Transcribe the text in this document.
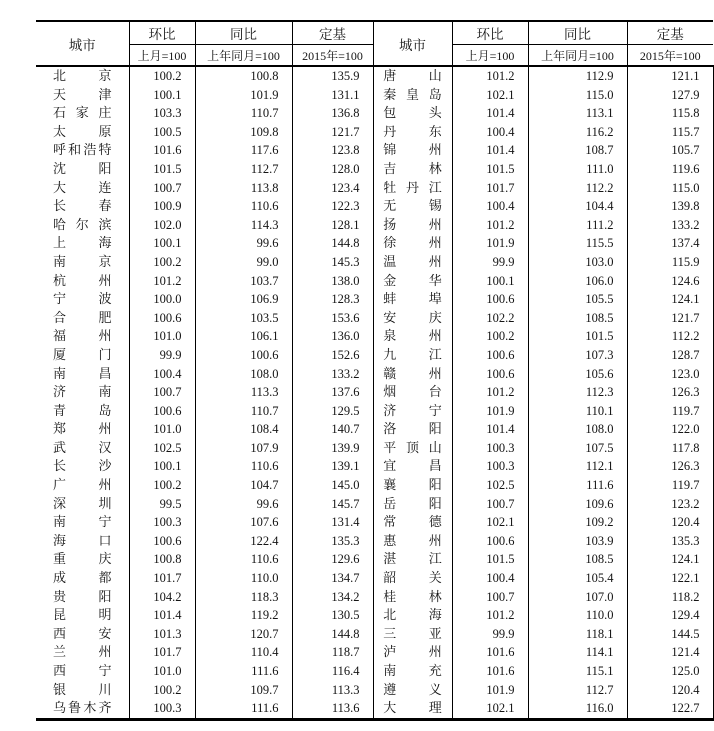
城市	环比	同比	定基	城市	环比	同比	定基
	上月=100	上年同月=100	2015年=100		上月=100	上年同月=100	2015年=100
北京	100.2	100.8	135.9	唐山	101.2	112.9	121.1
天津	100.1	101.9	131.1	秦皇岛	102.1	115.0	127.9
石家庄	103.3	110.7	136.8	包头	101.4	113.1	115.8
太原	100.5	109.8	121.7	丹东	100.4	116.2	115.7
呼和浩特	101.6	117.6	123.8	锦州	101.4	108.7	105.7
沈阳	101.5	112.7	128.0	吉林	101.5	111.0	119.6
大连	100.7	113.8	123.4	牡丹江	101.7	112.2	115.0
长春	100.9	110.6	122.3	无锡	100.4	104.4	139.8
哈尔滨	102.0	114.3	128.1	扬州	101.2	111.2	133.2
上海	100.1	99.6	144.8	徐州	101.9	115.5	137.4
南京	100.2	99.0	145.3	温州	99.9	103.0	115.9
杭州	101.2	103.7	138.0	金华	100.1	106.0	124.6
宁波	100.0	106.9	128.3	蚌埠	100.6	105.5	124.1
合肥	100.6	103.5	153.6	安庆	102.2	108.5	121.7
福州	101.0	106.1	136.0	泉州	100.2	101.5	112.2
厦门	99.9	100.6	152.6	九江	100.6	107.3	128.7
南昌	100.4	108.0	133.2	赣州	100.6	105.6	123.0
济南	100.7	113.3	137.6	烟台	101.2	112.3	126.3
青岛	100.6	110.7	129.5	济宁	101.9	110.1	119.7
郑州	101.0	108.4	140.7	洛阳	101.4	108.0	122.0
武汉	102.5	107.9	139.9	平顶山	100.3	107.5	117.8
长沙	100.1	110.6	139.1	宜昌	100.3	112.1	126.3
广州	100.2	104.7	145.0	襄阳	102.5	111.6	119.7
深圳	99.5	99.6	145.7	岳阳	100.7	109.6	123.2
南宁	100.3	107.6	131.4	常德	102.1	109.2	120.4
海口	100.6	122.4	135.3	惠州	100.6	103.9	135.3
重庆	100.8	110.6	129.6	湛江	101.5	108.5	124.1
成都	101.7	110.0	134.7	韶关	100.4	105.4	122.1
贵阳	104.2	118.3	134.2	桂林	100.7	107.0	118.2
昆明	101.4	119.2	130.5	北海	101.2	110.0	129.4
西安	101.3	120.7	144.8	三亚	99.9	118.1	144.5
兰州	101.7	110.4	118.7	泸州	101.6	114.1	121.4
西宁	101.0	111.6	116.4	南充	101.6	115.1	125.0
银川	100.2	109.7	113.3	遵义	101.9	112.7	120.4
乌鲁木齐	100.3	111.6	113.6	大理	102.1	116.0	122.7
